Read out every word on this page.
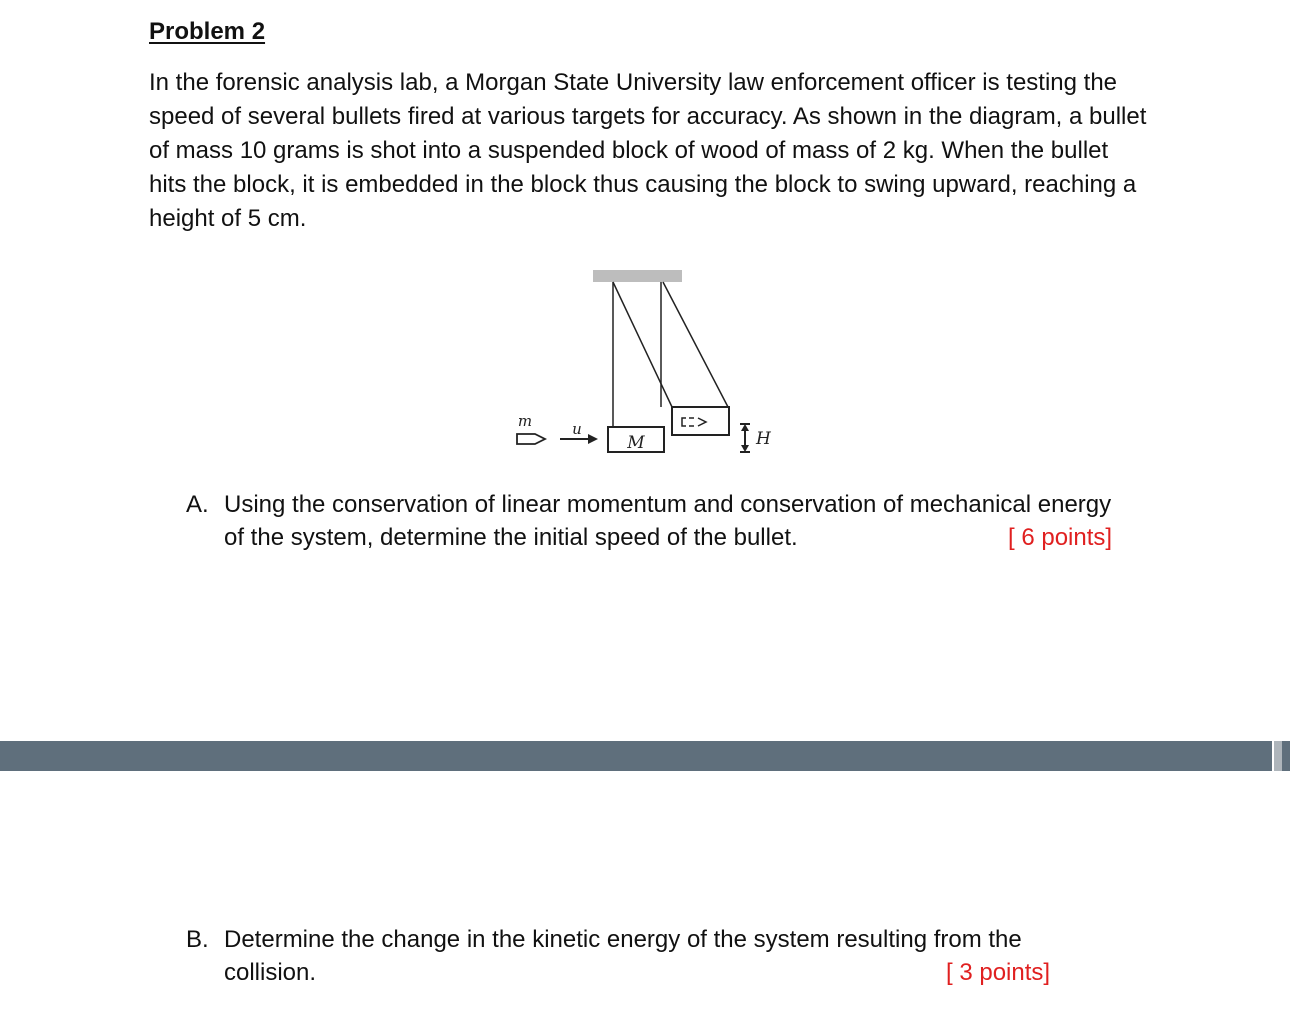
Problem 2

In the forensic analysis lab, a Morgan State University law enforcement officer is testing the speed of several bullets fired at various targets for accuracy. As shown in the diagram, a bullet of mass 10 grams is shot into a suspended block of wood of mass of 2 kg. When the bullet hits the block, it is embedded in the block thus causing the block to swing upward, reaching a height of 5 cm.

M	H
m	u
A. Using the conservation of linear momentum and conservation of mechanical energy of the system, determine the initial speed of the bullet.	[ 6 points]
B. Determine the change in the kinetic energy of the system resulting from the collision.	[ 3 points]
